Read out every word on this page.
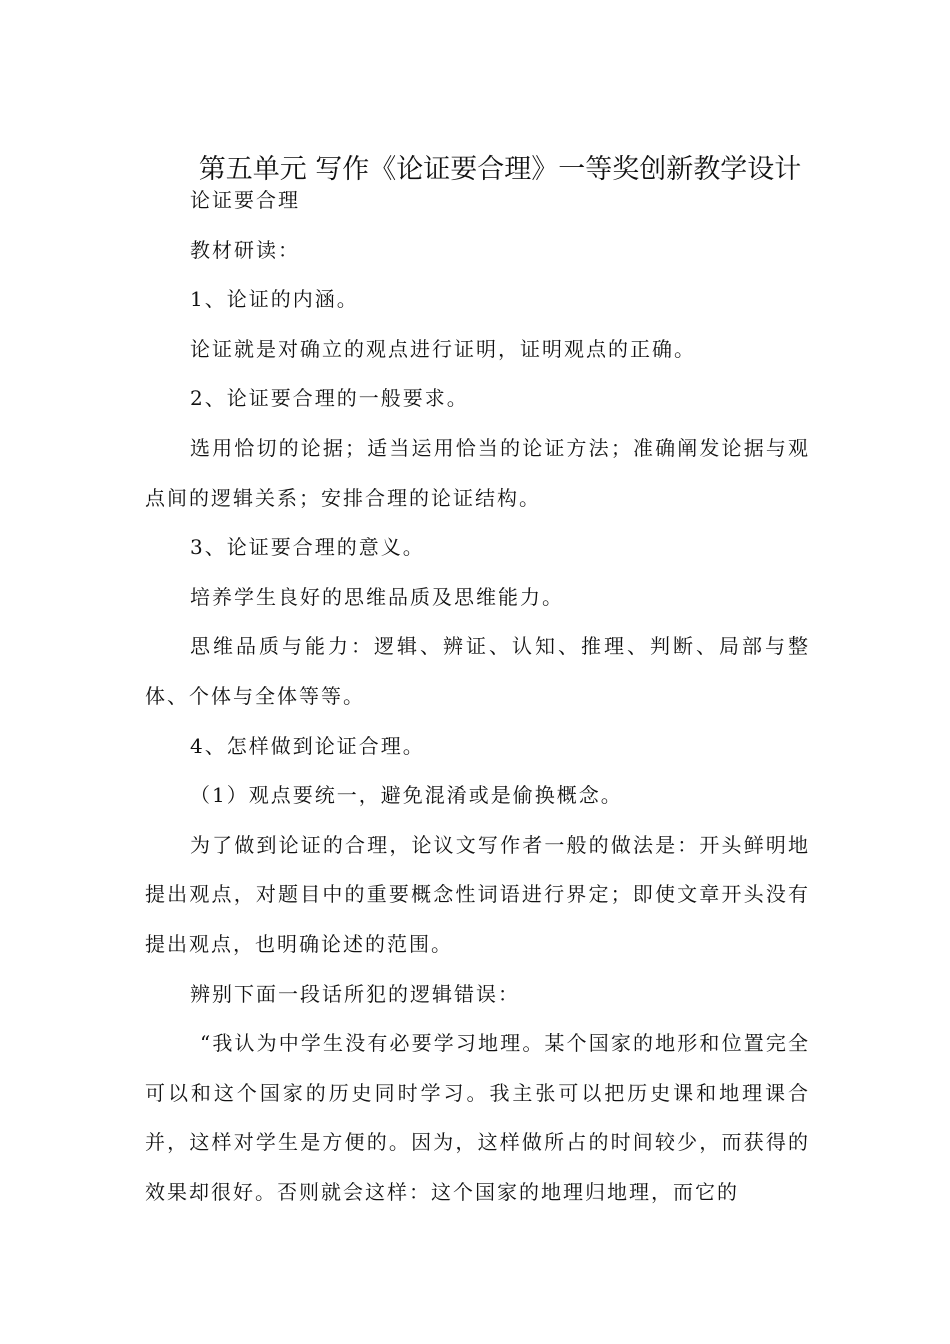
第五单元 写作《论证要合理》一等奖创新教学设计

论证要合理

教材研读：

1、论证的内涵。

论证就是对确立的观点进行证明，证明观点的正确。

2、论证要合理的一般要求。

选用恰切的论据；适当运用恰当的论证方法；准确阐发论据与观点间的逻辑关系；安排合理的论证结构。

3、论证要合理的意义。

培养学生良好的思维品质及思维能力。

思维品质与能力：逻辑、辨证、认知、推理、判断、局部与整体、个体与全体等等。

4、怎样做到论证合理。

（1）观点要统一，避免混淆或是偷换概念。

为了做到论证的合理，论议文写作者一般的做法是：开头鲜明地提出观点，对题目中的重要概念性词语进行界定；即使文章开头没有提出观点，也明确论述的范围。

辨别下面一段话所犯的逻辑错误：

“我认为中学生没有必要学习地理。某个国家的地形和位置完全可以和这个国家的历史同时学习。我主张可以把历史课和地理课合并，这样对学生是方便的。因为，这样做所占的时间较少，而获得的效果却很好。否则就会这样：这个国家的地理归地理，而它的
